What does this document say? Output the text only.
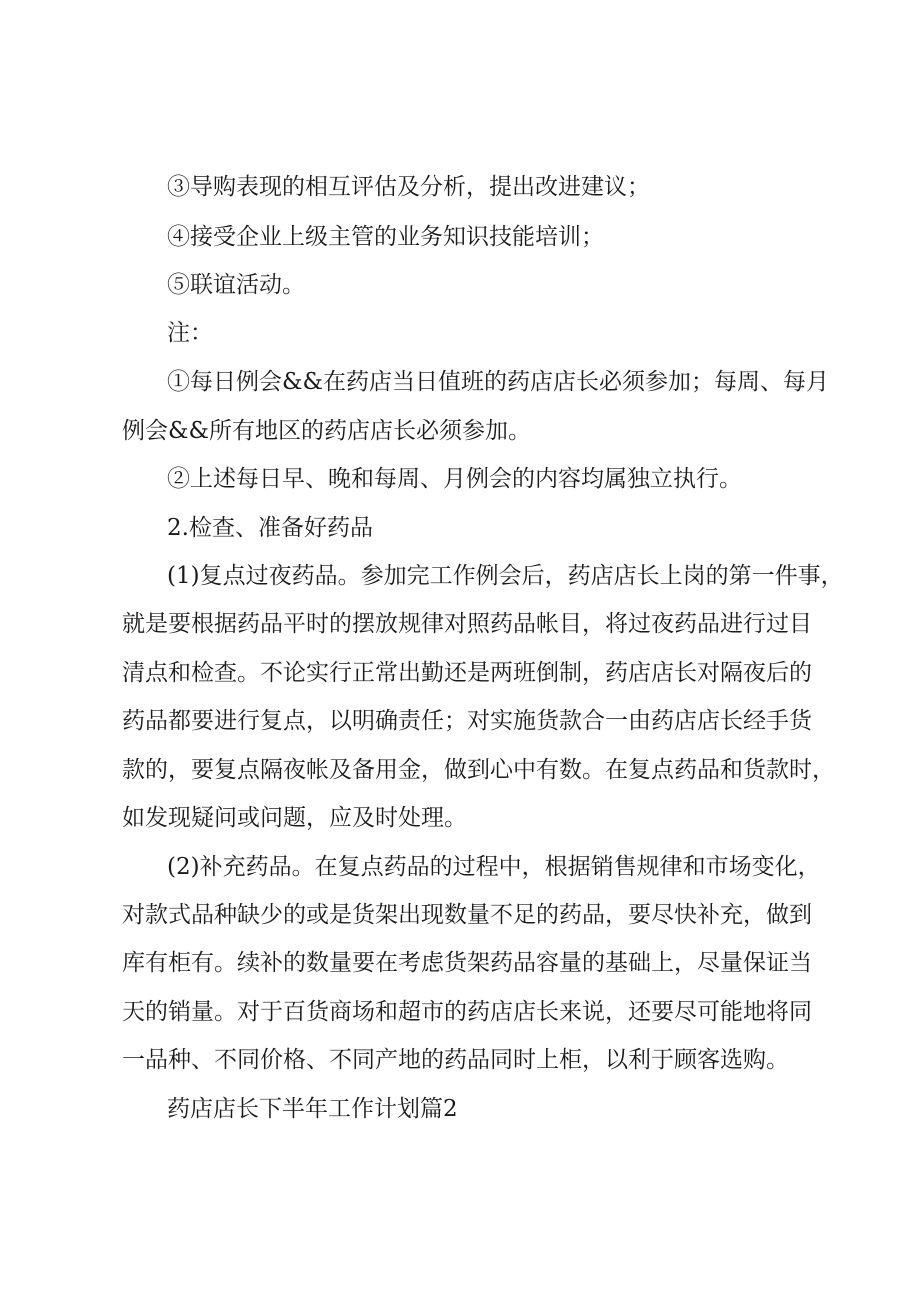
③导购表现的相互评估及分析，提出改进建议；
④接受企业上级主管的业务知识技能培训；
⑤联谊活动。
注：
①每日例会&&在药店当日值班的药店店长必须参加；每周、每月
例会&&所有地区的药店店长必须参加。
②上述每日早、晚和每周、月例会的内容均属独立执行。
2.检查、准备好药品
(1)复点过夜药品。参加完工作例会后，药店店长上岗的第一件事，
就是要根据药品平时的摆放规律对照药品帐目，将过夜药品进行过目
清点和检查。不论实行正常出勤还是两班倒制，药店店长对隔夜后的
药品都要进行复点，以明确责任；对实施货款合一由药店店长经手货
款的，要复点隔夜帐及备用金，做到心中有数。在复点药品和货款时，
如发现疑问或问题，应及时处理。
(2)补充药品。在复点药品的过程中，根据销售规律和市场变化，
对款式品种缺少的或是货架出现数量不足的药品，要尽快补充，做到
库有柜有。续补的数量要在考虑货架药品容量的基础上，尽量保证当
天的销量。对于百货商场和超市的药店店长来说，还要尽可能地将同
一品种、不同价格、不同产地的药品同时上柜，以利于顾客选购。
药店店长下半年工作计划篇2
